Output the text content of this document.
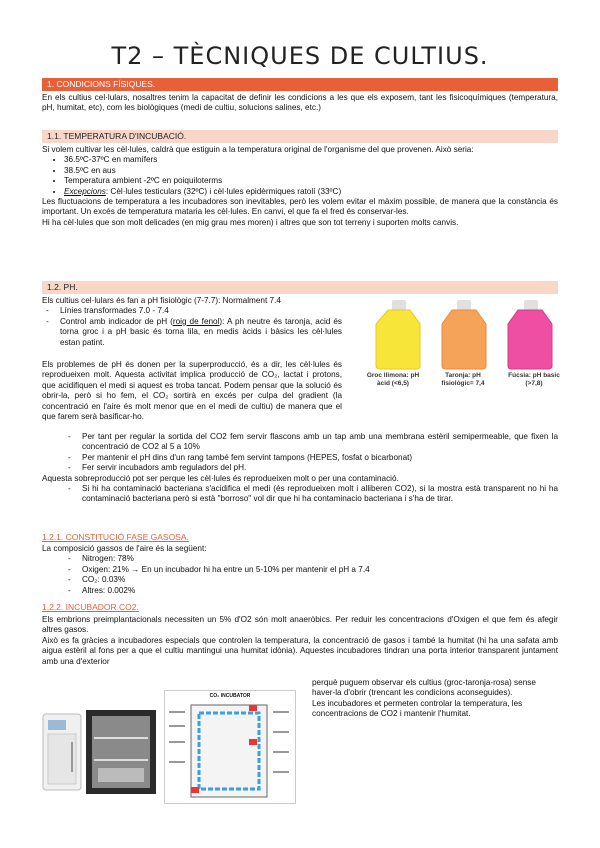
T2 – TÈCNIQUES DE CULTIUS.
1. CONDICIONS FÍSIQUES.

En els cultius cel·lulars, nosaltres tenim la capacitat de definir les condicions a les que els exposem, tant les fisicoquímiques (temperatura, pH, humitat, etc), com les biològiques (medi de cultiu, solucions salines, etc.)

1.1. TEMPERATURA D'INCUBACIÓ.

Si volem cultivar les cèl·lules, caldrà que estiguin a la temperatura original de l'organisme del que provenen. Això seria:

• 36.5ºC-37ºC en mamífers
• 38.5ºC en aus
• Temperatura ambient -2ºC en poiquiloterms
• Excepcions: Cèl·lules testiculars (32ºC) i cèl·lules epidèrmiques ratolí (33ºC)

Les fluctuacions de temperatura a les incubadores son inevitables, però les volem evitar el màxim possible, de manera que la constància és important. Un excés de temperatura mataria les cèl·lules. En canvi, el que fa el fred és conservar-les.

Hi ha cèl·lules que son molt delicades (en mig grau mes moren) i altres que son tot terreny i suporten molts canvis.

1.2. PH.

Els cultius cel·lulars és fan a pH fisiològic (7-7.7): Normalment 7.4

- Línies transformades 7.0 - 7.4
- Control amb indicador de pH (roig de fenol): A ph neutre és taronja, acid és torna groc i a pH basic és torna lila, en medis àcids i bàsics les cèl·lules estan patint.

Els problemes de pH és donen per la superproducció, és a dir, les cèl·lules és reprodueixen molt. Aquesta activitat implica producció de CO₂, lactat i protons, que acidifiquen el medi si aquest es troba tancat. Podem pensar que la solució és obrir-la, però si ho fem, el CO₂ sortirà en excés per culpa del gradient (la concentració en l'aire és molt menor que en el medi de cultiu) de manera que el que farem serà basificar-ho.

Groc llimona: pH àcid (<6,5)
Taronja: pH fisiològic= 7,4
Fúcsia: pH basic (>7,8)
- Per tant per regular la sortida del CO2 fem servir flascons amb un tap amb una membrana estèril semipermeable, que fixen la concentració de CO2 al 5 a 10%
- Per mantenir el pH dins d'un rang també fem servint tampons (HEPES, fosfat o bicarbonat)
- Fer servir incubadors amb reguladors del pH.

Aquesta sobreproducció pot ser perque les cèl·lules és reprodueixen molt o per una contaminació.

- Si hi ha contaminació bacteriana s'acidifica el medi (és reprodueixen molt i alliberen CO2), si la mostra està transparent no hi ha contaminació bacteriana però si està "borroso" vol dir que hi ha contaminacio bacteriana i s'ha de tirar.
1.2.1. CONSTITUCIÓ FASE GASOSA.

La composició gassos de l'aire és la següent:

- Nitrogen: 78%
- Oxigen: 21% → En un incubador hi ha entre un 5-10% per mantenir el pH a 7.4
- CO₂: 0.03%
- Altres: 0.002%
1.2.2. INCUBADOR CO2.

Els embrions preimplantacionals necessiten un 5% d'O2 són molt anaeròbics. Per reduir les concentracions d'Oxigen el que fem és afegir altres gasos.

Això es fa gràcies a incubadores especials que controlen la temperatura, la concentració de gasos i també la humitat (hi ha una safata amb aigua estèril al fons per a que el cultiu mantingui una humitat idònia). Aquestes incubadores tindran una porta interior transparent juntament amb una d'exterior

perquè puguem observar els cultius (groc-taronja-rosa) sense haver-la d'obrir (trencant les condicions aconseguides).

Les incubadores et permeten controlar la temperatura, les concentracions de CO2 i mantenir l'humitat.

CO₂ INCUBATOR
